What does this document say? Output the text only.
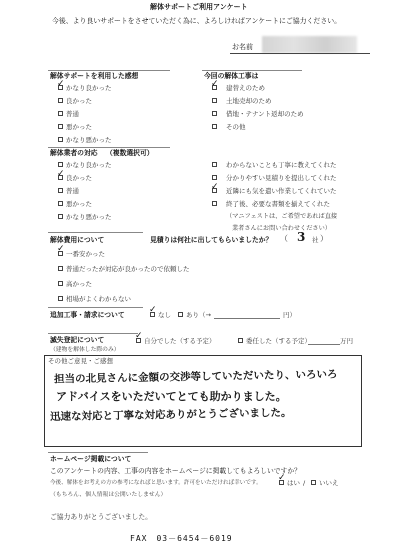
解体サポートご利用アンケート
今後、より良いサポートをさせていただく為に、よろしければアンケートにご協力ください。
お名前
解体サポートを利用した感想
かなり良かった
良かった
普通
悪かった
かなり悪かった
✓
今回の解体工事は
建替えのため
土地売却のため
借地・テナント返却のため
その他
✓
解体業者の対応 （複数選択可）
かなり良かった
良かった
普通
悪かった
かなり悪かった
✓
わからないことも丁寧に教えてくれた
分かりやすい見積りを提出してくれた
近隣にも気を遣い作業してくれていた
終了後、必要な書類を揃えてくれた
✓
（マニフェストは、ご希望であれば直接
業者さんにお問い合わせください）
解体費用について	見積りは何社に出してもらいましたか？ （ 3 社 ）
一番安かった
普通だったが対応が良かったので依頼した
高かった
相場がよくわからない
✓
追加工事・請求について	✓ なし あり （→	円）
滅失登記について
（建物を解体した際のみ）
✓ 自分でした（する予定）	委任した（する予定）	万円
その他ご意見・ご感想
担当の北見さんに金額の交渉等していただいたり、いろいろ
アドバイスをいただいてとても助かりました。
迅速な対応と丁寧な対応ありがとうございました。
ホームページ掲載について
このアンケートの内容、工事の内容をホームページに掲載してもよろしいですか？
今後、解体をお考えの方の参考になればと思います。許可をいただければ幸いです。
（もちろん、個人情報は公開いたしません）
✓ はい / いいえ
ご協力ありがとうございました。
FAX　03－6454－6019
